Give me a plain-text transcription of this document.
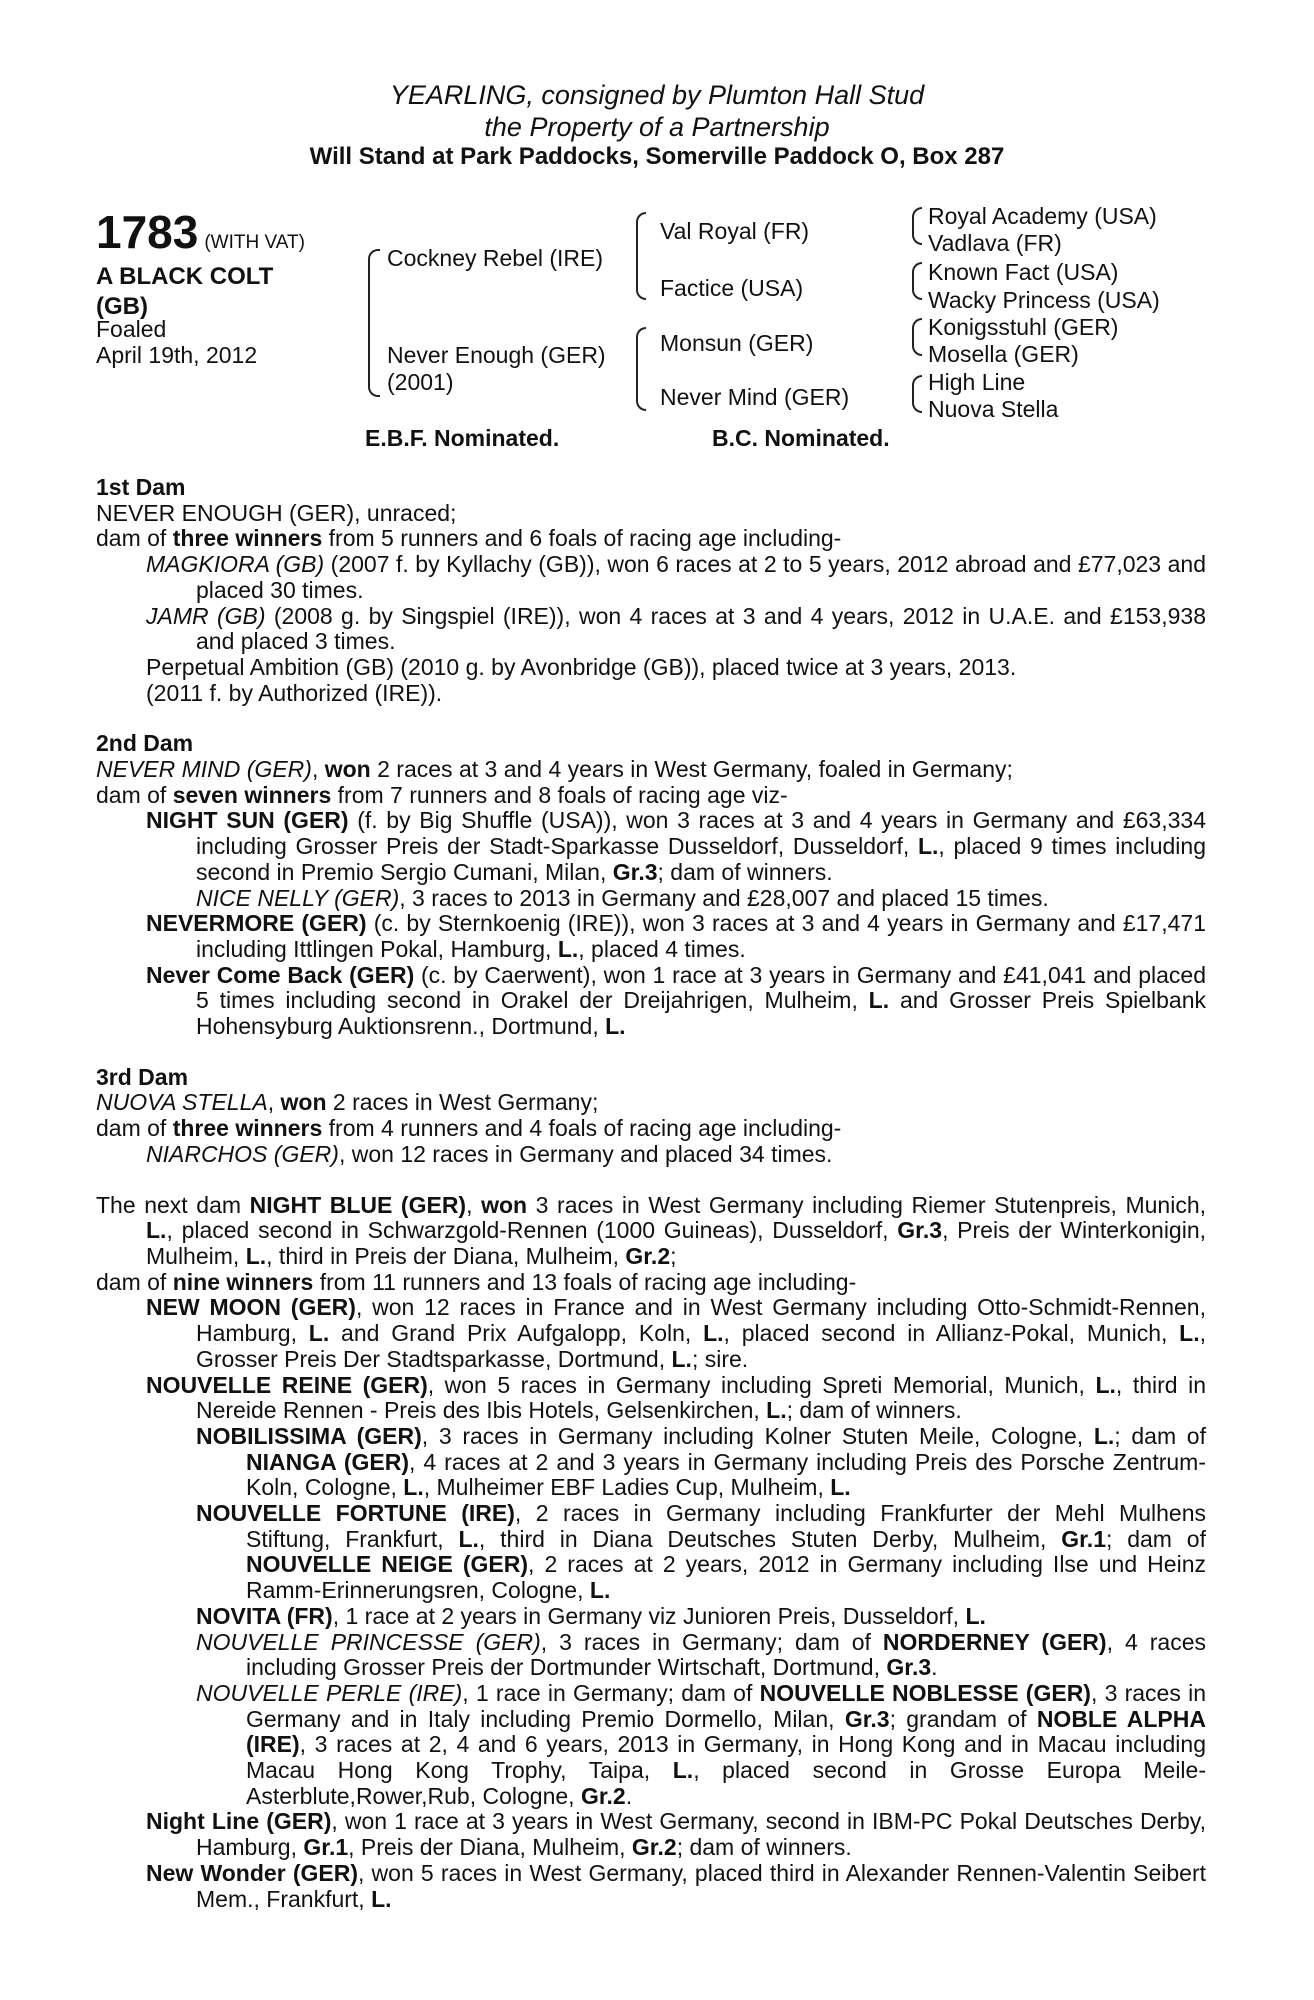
YEARLING, consigned by Plumton Hall Stud
the Property of a Partnership
Will Stand at Park Paddocks, Somerville Paddock O, Box 287
1783 (WITH VAT)
A BLACK COLT
(GB)
Foaled
April 19th, 2012
Cockney Rebel (IRE)
Never Enough (GER)
(2001)
Val Royal (FR)
Factice (USA)
Monsun (GER)
Never Mind (GER)
Royal Academy (USA)
Vadlava (FR)
Known Fact (USA)
Wacky Princess (USA)
Konigsstuhl (GER)
Mosella (GER)
High Line
Nuova Stella
E.B.F. Nominated.	B.C. Nominated.

1st Dam

NEVER ENOUGH (GER), unraced;

dam of three winners from 5 runners and 6 foals of racing age including-

MAGKIORA (GB) (2007 f. by Kyllachy (GB)), won 6 races at 2 to 5 years, 2012 abroad and £77,023 and placed 30 times.

JAMR (GB) (2008 g. by Singspiel (IRE)), won 4 races at 3 and 4 years, 2012 in U.A.E. and £153,938 and placed 3 times.

Perpetual Ambition (GB) (2010 g. by Avonbridge (GB)), placed twice at 3 years, 2013.

(2011 f. by Authorized (IRE)).

2nd Dam

NEVER MIND (GER), won 2 races at 3 and 4 years in West Germany, foaled in Germany;

dam of seven winners from 7 runners and 8 foals of racing age viz-

NIGHT SUN (GER) (f. by Big Shuffle (USA)), won 3 races at 3 and 4 years in Germany and £63,334 including Grosser Preis der Stadt-Sparkasse Dusseldorf, Dusseldorf, L., placed 9 times including second in Premio Sergio Cumani, Milan, Gr.3; dam of winners.

NICE NELLY (GER), 3 races to 2013 in Germany and £28,007 and placed 15 times.

NEVERMORE (GER) (c. by Sternkoenig (IRE)), won 3 races at 3 and 4 years in Germany and £17,471 including Ittlingen Pokal, Hamburg, L., placed 4 times.

Never Come Back (GER) (c. by Caerwent), won 1 race at 3 years in Germany and £41,041 and placed 5 times including second in Orakel der Dreijahrigen, Mulheim, L. and Grosser Preis Spielbank Hohensyburg Auktionsrenn., Dortmund, L.

3rd Dam

NUOVA STELLA, won 2 races in West Germany;

dam of three winners from 4 runners and 4 foals of racing age including-

NIARCHOS (GER), won 12 races in Germany and placed 34 times.

The next dam NIGHT BLUE (GER), won 3 races in West Germany including Riemer Stutenpreis, Munich, L., placed second in Schwarzgold-Rennen (1000 Guineas), Dusseldorf, Gr.3, Preis der Winterkonigin, Mulheim, L., third in Preis der Diana, Mulheim, Gr.2;

dam of nine winners from 11 runners and 13 foals of racing age including-

NEW MOON (GER), won 12 races in France and in West Germany including Otto-Schmidt-Rennen, Hamburg, L. and Grand Prix Aufgalopp, Koln, L., placed second in Allianz-Pokal, Munich, L., Grosser Preis Der Stadtsparkasse, Dortmund, L.; sire.

NOUVELLE REINE (GER), won 5 races in Germany including Spreti Memorial, Munich, L., third in Nereide Rennen - Preis des Ibis Hotels, Gelsenkirchen, L.; dam of winners.

NOBILISSIMA (GER), 3 races in Germany including Kolner Stuten Meile, Cologne, L.; dam of NIANGA (GER), 4 races at 2 and 3 years in Germany including Preis des Porsche Zentrum-Koln, Cologne, L., Mulheimer EBF Ladies Cup, Mulheim, L.

NOUVELLE FORTUNE (IRE), 2 races in Germany including Frankfurter der Mehl Mulhens Stiftung, Frankfurt, L., third in Diana Deutsches Stuten Derby, Mulheim, Gr.1; dam of NOUVELLE NEIGE (GER), 2 races at 2 years, 2012 in Germany including Ilse und Heinz Ramm-Erinnerungsren, Cologne, L.

NOVITA (FR), 1 race at 2 years in Germany viz Junioren Preis, Dusseldorf, L.

NOUVELLE PRINCESSE (GER), 3 races in Germany; dam of NORDERNEY (GER), 4 races including Grosser Preis der Dortmunder Wirtschaft, Dortmund, Gr.3.

NOUVELLE PERLE (IRE), 1 race in Germany; dam of NOUVELLE NOBLESSE (GER), 3 races in Germany and in Italy including Premio Dormello, Milan, Gr.3; grandam of NOBLE ALPHA (IRE), 3 races at 2, 4 and 6 years, 2013 in Germany, in Hong Kong and in Macau including Macau Hong Kong Trophy, Taipa, L., placed second in Grosse Europa Meile-Asterblute,Rower,Rub, Cologne, Gr.2.

Night Line (GER), won 1 race at 3 years in West Germany, second in IBM-PC Pokal Deutsches Derby, Hamburg, Gr.1, Preis der Diana, Mulheim, Gr.2; dam of winners.

New Wonder (GER), won 5 races in West Germany, placed third in Alexander Rennen-Valentin Seibert Mem., Frankfurt, L.
